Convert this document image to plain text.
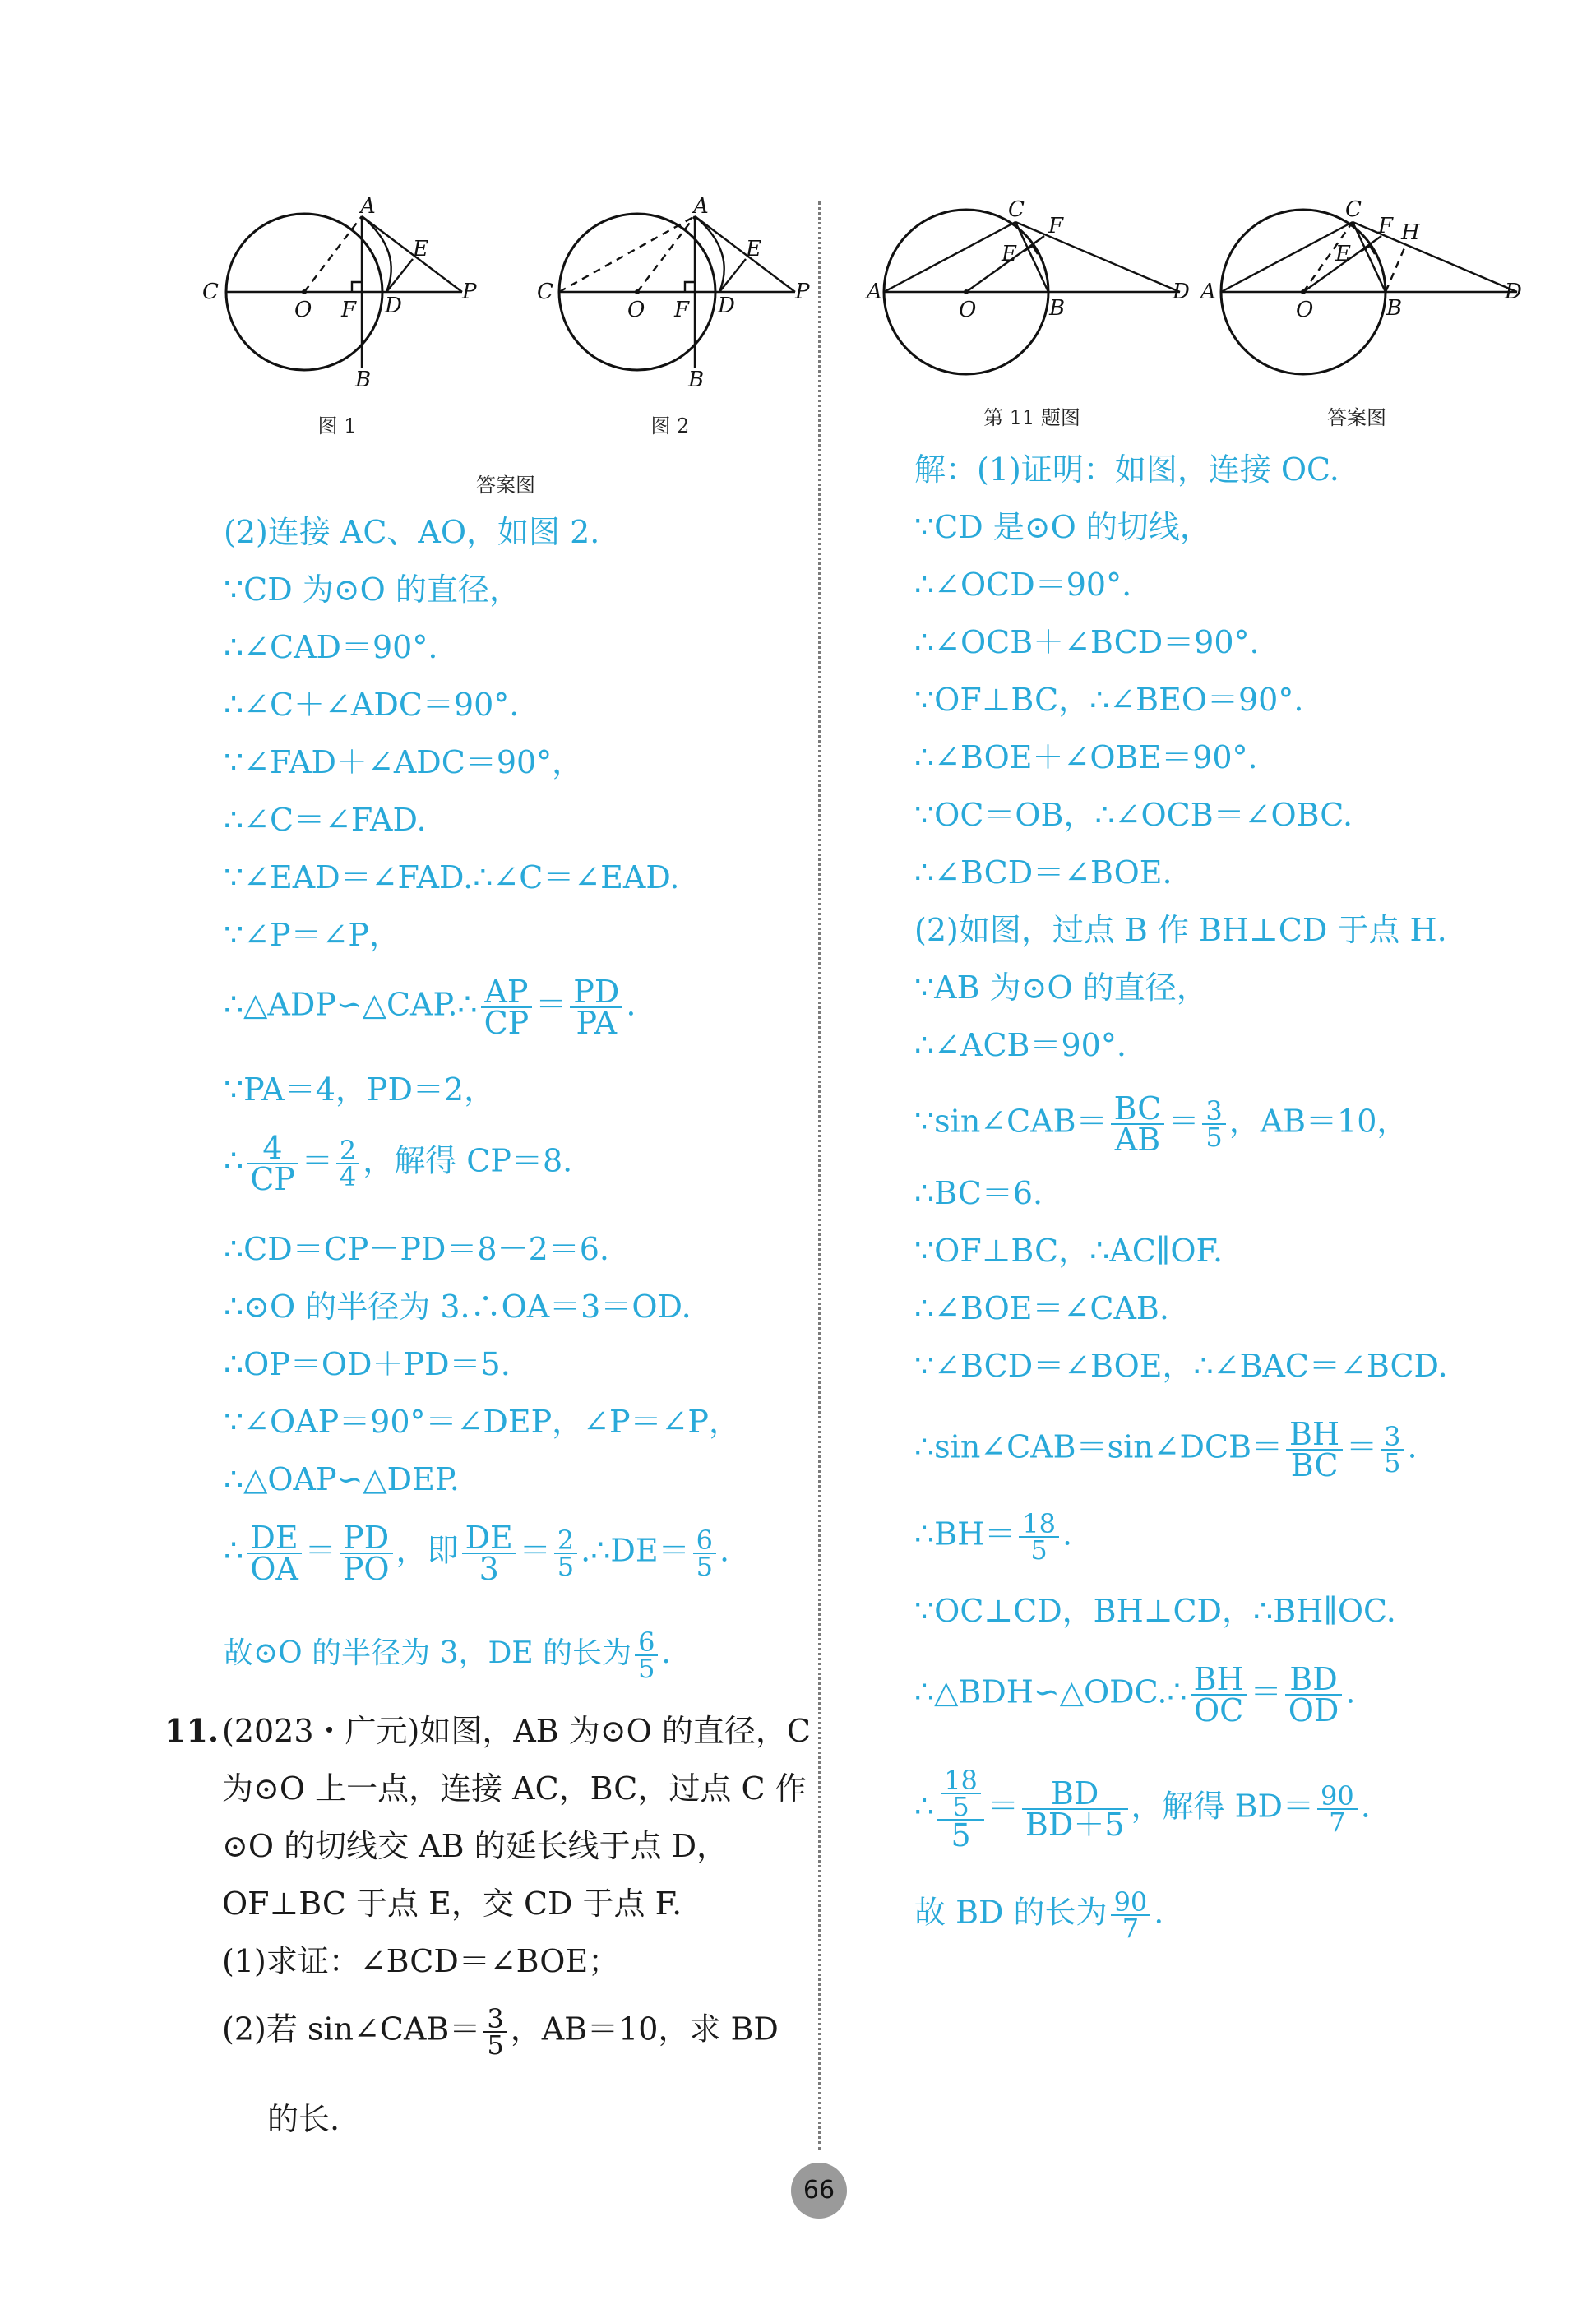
A
E
C
O F D
P
B
图 1
A
E
C
O F D
P
B
图 2
答案图
C
F
E
A
O	B
D
第 11 题图
C
F H
E
A
O	B
D
答案图
(2)连接 AC、AO，如图 2.
∵CD 为⊙O 的直径，
∴∠CAD＝90°.
∴∠C＋∠ADC＝90°.
∵∠FAD＋∠ADC＝90°，
∴∠C＝∠FAD.
∵∠EAD＝∠FAD.∴∠C＝∠EAD.
∵∠P＝∠P，
∴△ADP∽△CAP.∴ $\frac{AP}{CP} = \frac{PD}{PA}$ .
∵PA＝4，PD＝2，
∴ $\frac{4}{CP} = \frac{2}{4}$ ，解得 CP＝8.
∴CD＝CP－PD＝8－2＝6.
∴⊙O 的半径为 3.∴OA＝3＝OD.
∴OP＝OD＋PD＝5.
∵∠OAP＝90°＝∠DEP，∠P＝∠P，
∴△OAP∽△DEP.
∴ $\frac{DE}{OA} = \frac{PD}{PO}$ ，即 $\frac{DE}{3} = \frac{2}{5}$ .∴DE＝ $\frac{6}{5}$ .
故⊙O 的半径为 3，DE 的长为 $\frac{6}{5}$ .
11. (2023・广元)如图，AB 为⊙O 的直径，C
为⊙O 上一点，连接 AC，BC，过点 C 作
⊙O 的切线交 AB 的延长线于点 D，
OF⊥BC 于点 E，交 CD 于点 F.
(1)求证：∠BCD＝∠BOE；
(2)若 sin∠CAB＝ $\frac{3}{5}$ ，AB＝10，求 BD
的长.
解：(1)证明：如图，连接 OC.
∵CD 是⊙O 的切线，
∴∠OCD＝90°.
∴∠OCB＋∠BCD＝90°.
∵OF⊥BC，∴∠BEO＝90°.
∴∠BOE＋∠OBE＝90°.
∵OC＝OB，∴∠OCB＝∠OBC.
∴∠BCD＝∠BOE.
(2)如图，过点 B 作 BH⊥CD 于点 H.
∵AB 为⊙O 的直径，
∴∠ACB＝90°.
∵sin∠CAB＝ $\frac{BC}{AB} = \frac{3}{5}$ ，AB＝10，
∴BC＝6.
∵OF⊥BC，∴AC∥OF.
∴∠BOE＝∠CAB.
∵∠BCD＝∠BOE，∴∠BAC＝∠BCD.
∴sin∠CAB＝sin∠DCB＝ $\frac{BH}{BC} = \frac{3}{5}$ .
∴BH＝ $\frac{18}{5}$ .
∵OC⊥CD，BH⊥CD，∴BH∥OC.
∴△BDH∽△ODC.∴ $\frac{BH}{OC} = \frac{BD}{OD}$ .
∴ $\frac{\frac{18}{5}}{5} = \frac{BD}{BD+5}$ ，解得 $BD= \frac{90}{7}$ .
故 BD 的长为 $\frac{90}{7}$ .
66
